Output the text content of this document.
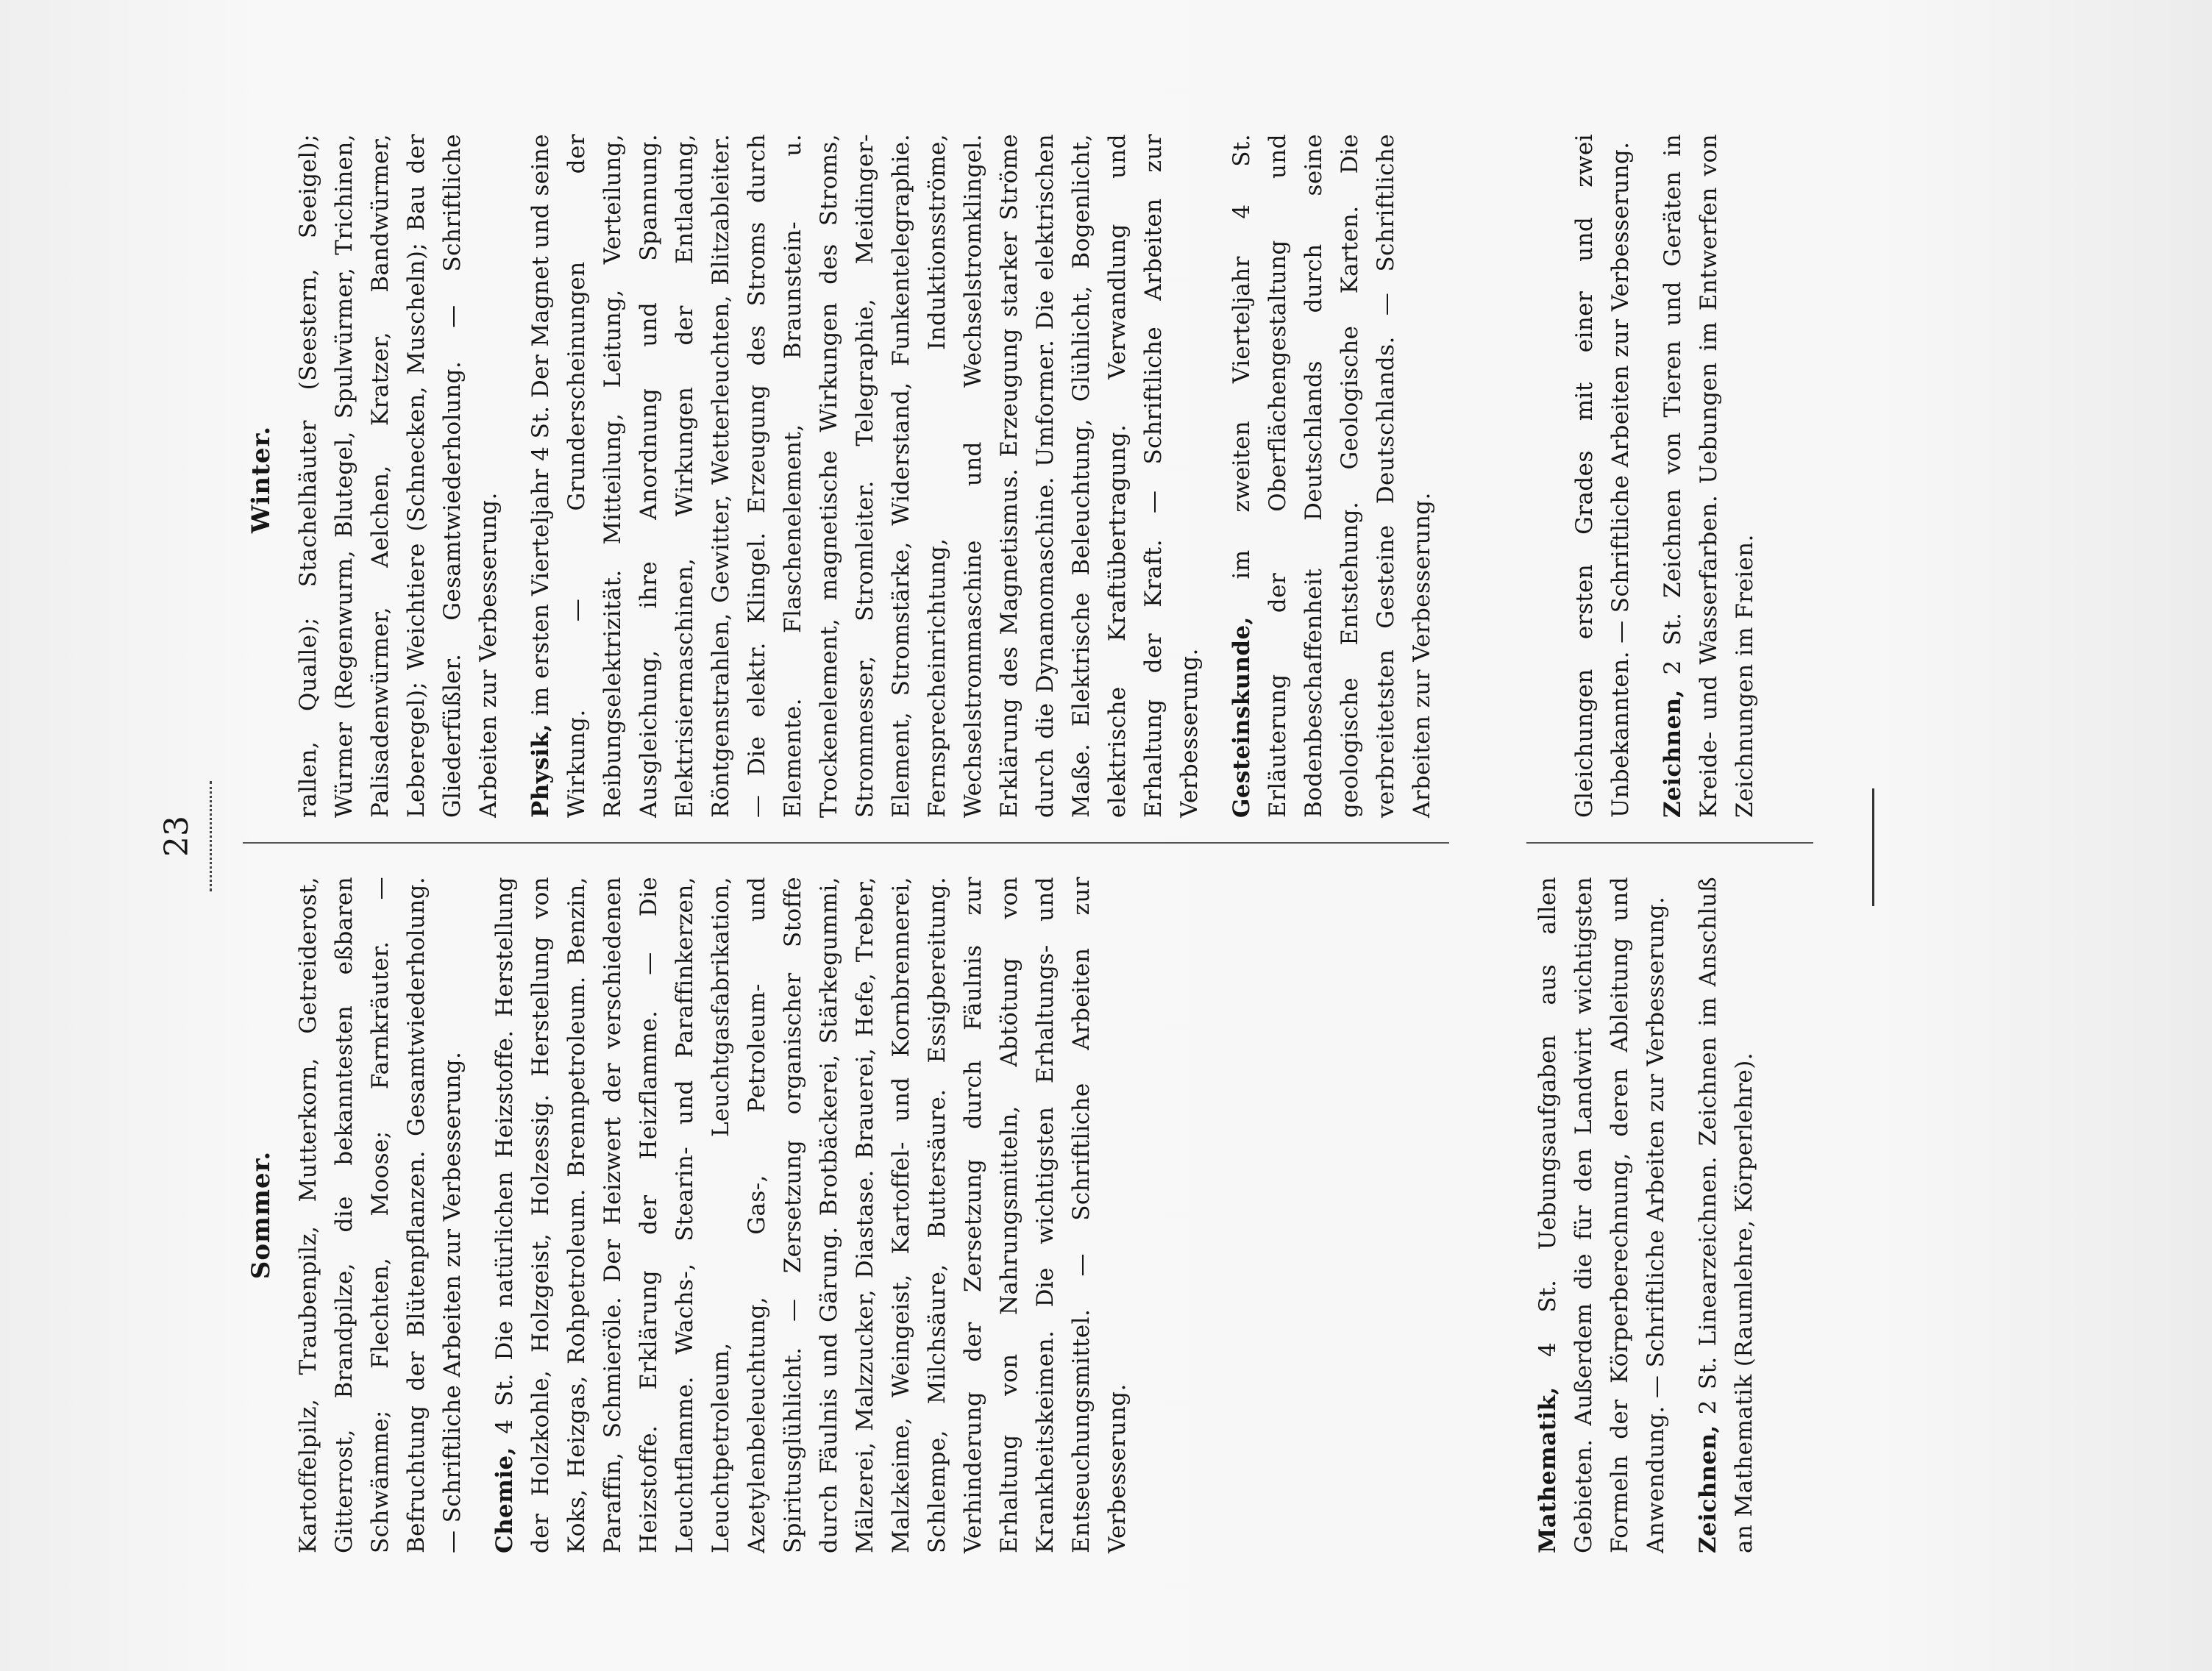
23
Sommer. Kartoffelpilz, Traubenpilz, Mutterkorn, Getreiderost, Gitterrost, Brandpilze, die bekanntesten eßbaren Schwämme; Flechten, Moose; Farnkräuter. — Befruchtung der Blütenpflanzen. Gesamtwiederholung. — Schriftliche Arbeiten zur Verbesserung. Chemie, 4 St. Die natürlichen Heizstoffe. Herstellung der Holzkohle, Holzgeist, Holzessig. Herstellung von Koks, Heizgas, Rohpetroleum. Brennpetroleum. Benzin, Paraffin, Schmieröle. Der Heizwert der verschiedenen Heizstoffe. Erklärung der Heizflamme. — Die Leuchtflamme. Wachs-, Stearin- und Paraffinkerzen, Leuchtpetroleum, Leuchtgasfabrikation, Azetylenbeleuchtung, Gas-, Petroleum- und Spiritusglühlicht. — Zersetzung organischer Stoffe durch Fäulnis und Gärung. Brotbäckerei, Stärkegummi, Mälzerei, Malzzucker, Diastase. Brauerei, Hefe, Treber, Malzkeime, Weingeist, Kartoffel- und Kornbrennerei, Schlempe, Milchsäure, Buttersäure. Essigbereitung. Verhinderung der Zersetzung durch Fäulnis zur Erhaltung von Nahrungsmitteln, Abtötung von Krankheitskeimen. Die wichtigsten Erhaltungs- und Entseuchungsmittel. — Schriftliche Arbeiten zur Verbesserung.

Winter. rallen, Qualle); Stachelhäuter (Seestern, Seeigel); Würmer (Regenwurm, Blutegel, Spulwürmer, Trichinen, Palisadenwürmer, Aelchen, Kratzer, Bandwürmer, Leberegel); Weichtiere (Schnecken, Muscheln); Bau der Gliederfüßler. Gesamtwiederholung. — Schriftliche Arbeiten zur Verbesserung. Physik, im ersten Vierteljahr 4 St. Der Magnet und seine Wirkung. — Grunderscheinungen der Reibungselektrizität. Mitteilung, Leitung, Verteilung, Ausgleichung, ihre Anordnung und Spannung. Elektrisiermaschinen, Wirkungen der Entladung, Röntgenstrahlen, Gewitter, Wetterleuchten, Blitzableiter. — Die elektr. Klingel. Erzeugung des Stroms durch Elemente. Flaschenelement, Braunstein- u. Trockenelement, magnetische Wirkungen des Stroms, Strommesser, Stromleiter. Telegraphie, Meidinger-Element, Stromstärke, Widerstand, Funkentelegraphie. Fernsprecheinrichtung, Induktionsströme, Wechselstrommaschine und Wechselstromklingel. Erklärung des Magnetismus. Erzeugung starker Ströme durch die Dynamomaschine. Umformer. Die elektrischen Maße. Elektrische Beleuchtung, Glühlicht, Bogenlicht, elektrische Kraftübertragung. Verwandlung und Erhaltung der Kraft. — Schriftliche Arbeiten zur Verbesserung. Gesteinskunde, im zweiten Vierteljahr 4 St. Erläuterung der Oberflächengestaltung und Bodenbeschaffenheit Deutschlands durch seine geologische Entstehung. Geologische Karten. Die verbreitetsten Gesteine Deutschlands. — Schriftliche Arbeiten zur Verbesserung.

Mathematik, 4 St. Uebungsaufgaben aus allen Gebieten. Außerdem die für den Landwirt wichtigsten Formeln der Körperberechnung, deren Ableitung und Anwendung. — Schriftliche Arbeiten zur Verbesserung. Zeichnen, 2 St. Linearzeichnen. Zeichnen im Anschluß an Mathematik (Raumlehre, Körperlehre).

Gleichungen ersten Grades mit einer und zwei Unbekannten. — Schriftliche Arbeiten zur Verbesserung. Zeichnen, 2 St. Zeichnen von Tieren und Geräten in Kreide- und Wasserfarben. Uebungen im Entwerfen von Zeichnungen im Freien.
